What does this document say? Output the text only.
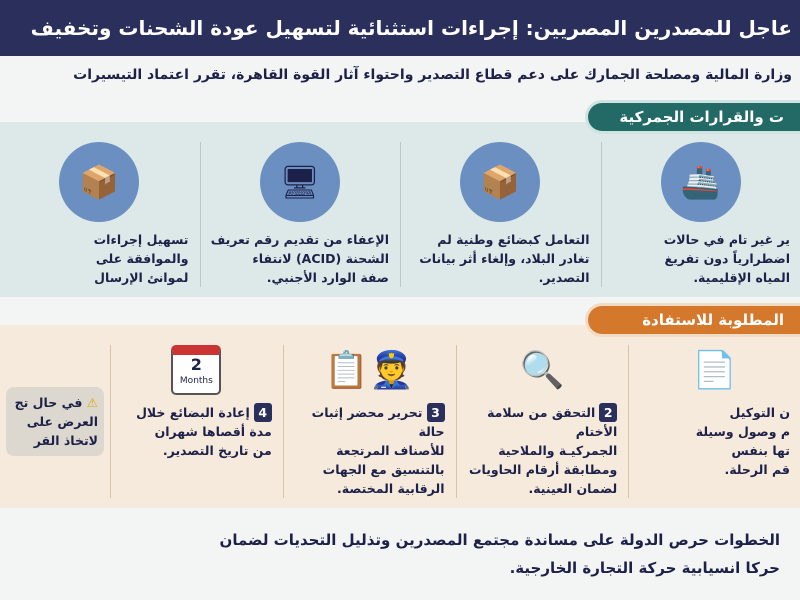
عاجل للمصدرين المصريين: إجراءات استثنائية لتسهيل عودة الشحنات وتخفيف
وزارة المالية ومصلحة الجمارك على دعم قطاع التصدير واحتواء آثار القوة القاهرة، تقرر اعتماد التيسيرات
ت والقرارات الجمركية
🚢
ير غير تام في حالات
اضطرارياً دون تفريغ
المياه الإقليمية.
📦
التعامل كبضائع وطنية لم
تغادر البلاد، وإلغاء أثر بيانات
التصدير.
🖥
الإعفاء من تقديم رقم تعريف
الشحنة (ACID) لانتفاء
صفة الوارد الأجنبي.
📦
تسهيل إجراءات
والموافقة على
لموانئ الإرسال
المطلوبة للاستفادة
📄
ن التوكيل
م وصول وسيلة
تها بنفس
قم الرحلة.
🔍
2التحقق من سلامة الأختام
الجمركيـة والملاحية
ومطابقة أرقام الحاويات
لضمان العينية.
👮📋
3تحرير محضر إثبات حالة
للأصناف المرتجعة
بالتنسيق مع الجهات
الرقابية المختصة.
2
Months
4إعادة البضائع خلال
مدة أقصاها شهران
من تاريخ التصدير.
⚠ في حال تج
العرض على
لاتخاذ القر
الخطوات حرص الدولة على مساندة مجتمع المصدرين وتذليل التحديات لضمان
حركا انسيابية حركة التجارة الخارجية.
